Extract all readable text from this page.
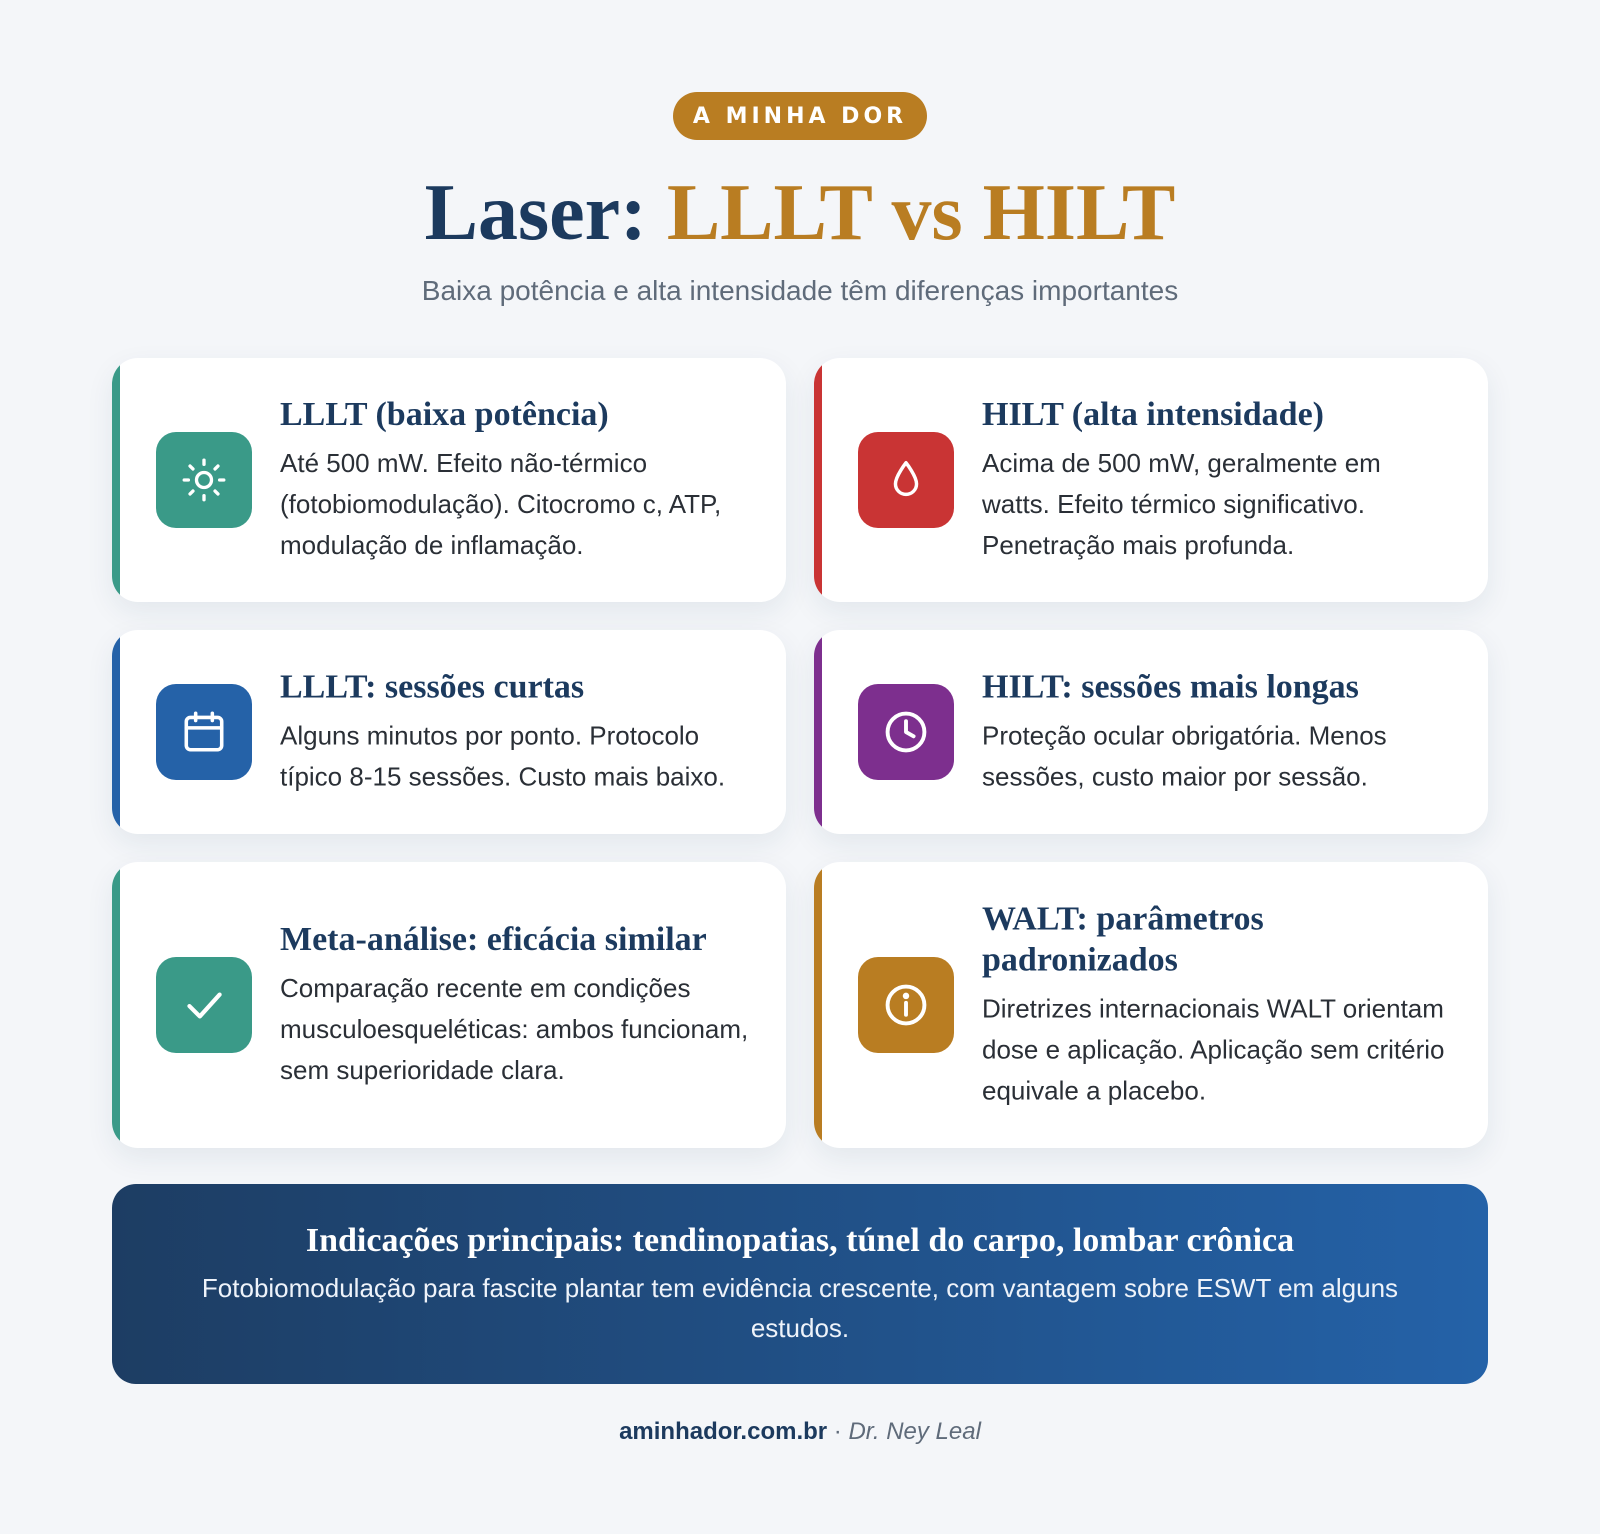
A MINHA DOR
Laser: LLLT vs HILT
Baixa potência e alta intensidade têm diferenças importantes
LLLT (baixa potência)

Até 500 mW. Efeito não-térmico (fotobiomodulação). Citocromo c, ATP, modulação de inflamação.

HILT (alta intensidade)

Acima de 500 mW, geralmente em watts. Efeito térmico significativo. Penetração mais profunda.

LLLT: sessões curtas

Alguns minutos por ponto. Protocolo típico 8-15 sessões. Custo mais baixo.

HILT: sessões mais longas

Proteção ocular obrigatória. Menos sessões, custo maior por sessão.

Meta-análise: eficácia similar

Comparação recente em condições musculoesqueléticas: ambos funcionam, sem superioridade clara.

WALT: parâmetros padronizados

Diretrizes internacionais WALT orientam dose e aplicação. Aplicação sem critério equivale a placebo.

Indicações principais: tendinopatias, túnel do carpo, lombar crônica

Fotobiomodulação para fascite plantar tem evidência crescente, com vantagem sobre ESWT em alguns estudos.

aminhador.com.br · Dr. Ney Leal
